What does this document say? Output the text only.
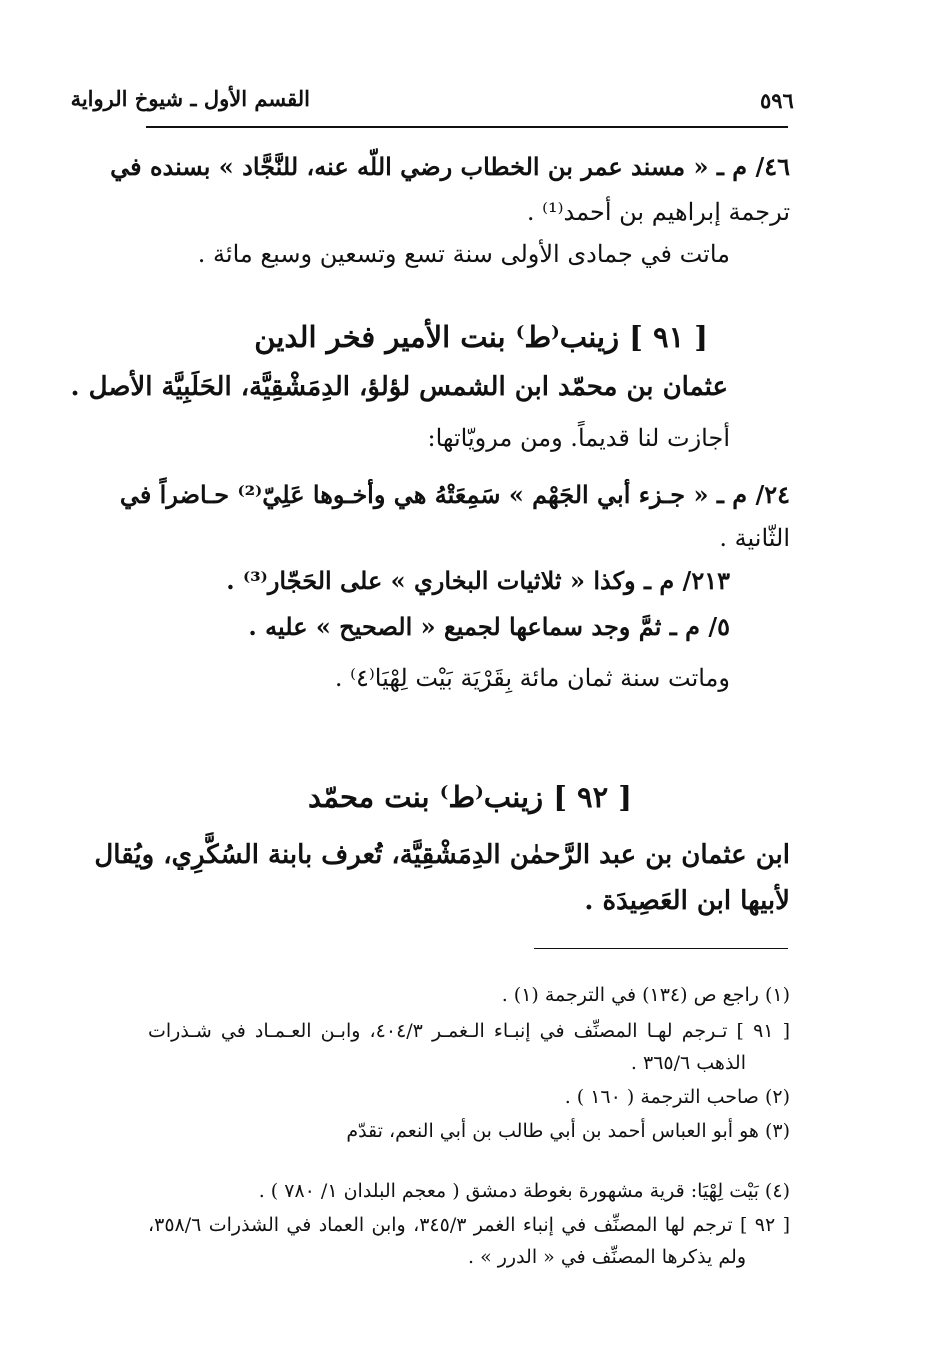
القسم الأول ـ شيوخ الرواية	٥٩٦
٤٦/ م ـ « مسند عمر بن الخطاب رضي اللّه عنه، للنَّجَّاد » بسنده في
ترجمة إبراهيم بن أحمد⁽¹⁾ .
ماتت في جمادى الأولى سنة تسع وتسعين وسبع مائة .
[ ٩١ ] زينب⁽ط⁾ بنت الأمير فخر الدين
عثمان بن محمّد ابن الشمس لؤلؤ، الدِمَشْقِيَّة، الحَلَبِيَّة الأصل .
أجازت لنا قديماً. ومن مرويّاتها:
٢٤/ م ـ « جـزء أبي الجَهْم » سَمِعَتْهُ هي وأخـوها عَلِيّ⁽²⁾ حـاضراً في
الثّانية .
٢١٣/ م ـ وكذا « ثلاثيات البخاري » على الحَجّار⁽³⁾ .
٥/ م ـ ثمَّ وجد سماعها لجميع « الصحيح » عليه .
وماتت سنة ثمان مائة بِقَرْيَة بَيْت لِهْيَا⁽٤⁾ .
[ ٩٢ ] زينب⁽ط⁾ بنت محمّد
ابن عثمان بن عبد الرَّحمٰن الدِمَشْقِيَّة، تُعرف بابنة السُكَّرِي، ويُقال
لأبيها ابن العَصِيدَة .
(١) راجع ص (١٣٤) في الترجمة (١) .
[ ٩١ ] تـرجم لهـا المصنِّف في إنبـاء الـغمـر ٤٠٤/٣، وابـن العـمـاد في شـذرات
الذهب ٣٦٥/٦ .
(٢) صاحب الترجمة ( ١٦٠ ) .
(٣) هو أبو العباس أحمد بن أبي طالب بن أبي النعم، تقدّم
(٤) بَيْت لِهْيَا: قرية مشهورة بغوطة دمشق ( معجم البلدان ١/ ٧٨٠ ) .
[ ٩٢ ] ترجم لها المصنِّف في إنباء الغمر ٣٤٥/٣، وابن العماد في الشذرات ٣٥٨/٦،
ولم يذكرها المصنِّف في « الدرر » .
